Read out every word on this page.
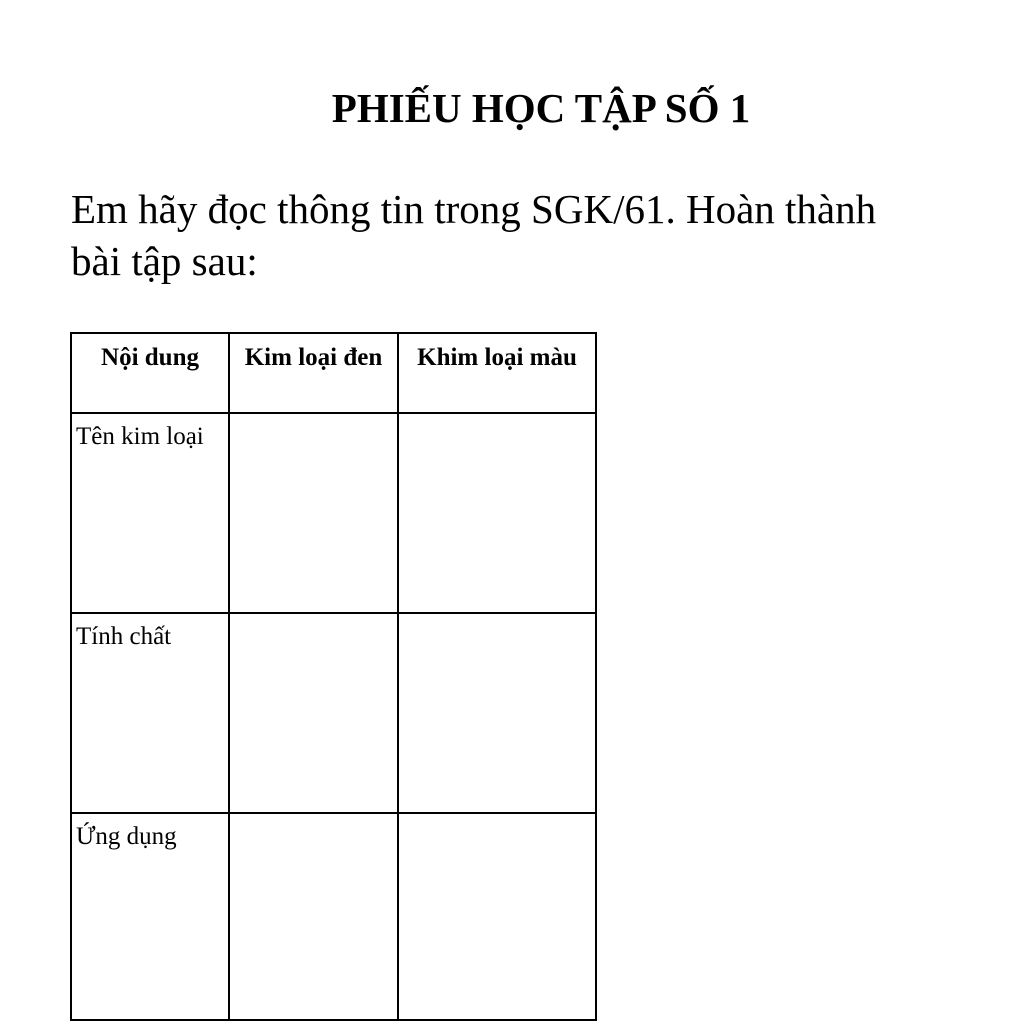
PHIẾU HỌC TẬP SỐ 1

Em hãy đọc thông tin trong SGK/61. Hoàn thành
bài tập sau:

Nội dung	Kim loại đen	Khim loại màu

Tên kim loại		

Tính chất		

Ứng dụng		
